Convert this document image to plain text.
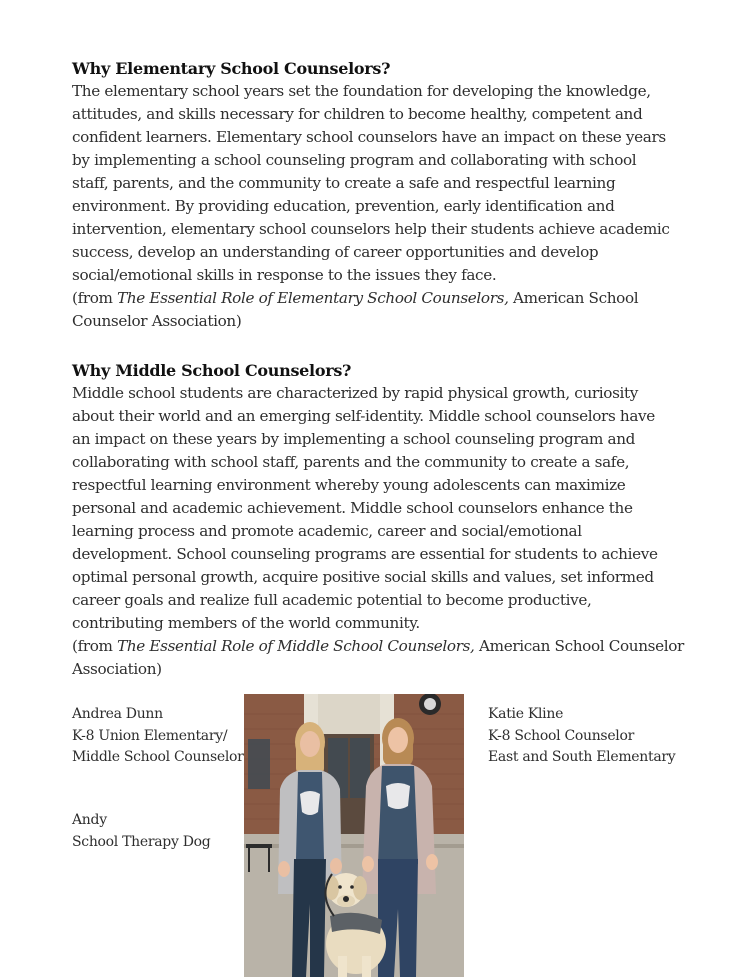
Why Elementary School Counselors?

The elementary school years set the foundation for developing the knowledge,
attitudes, and skills necessary for children to become healthy, competent and
confident learners. Elementary school counselors have an impact on these years
by implementing a school counseling program and collaborating with school
staff, parents, and the community to create a safe and respectful learning
environment. By providing education, prevention, early identification and
intervention, elementary school counselors help their students achieve academic
success, develop an understanding of career opportunities and develop
social/emotional skills in response to the issues they face.
(from The Essential Role of Elementary School Counselors, American School
Counselor Association)

Why Middle School Counselors?

Middle school students are characterized by rapid physical growth, curiosity
about their world and an emerging self-identity. Middle school counselors have
an impact on these years by implementing a school counseling program and
collaborating with school staff, parents and the community to create a safe,
respectful learning environment whereby young adolescents can maximize
personal and academic achievement. Middle school counselors enhance the
learning process and promote academic, career and social/emotional
development. School counseling programs are essential for students to achieve
optimal personal growth, acquire positive social skills and values, set informed
career goals and realize full academic potential to become productive,
contributing members of the world community.
(from The Essential Role of Middle School Counselors, American School Counselor
Association)

Andrea Dunn
K-8 Union Elementary/
Middle School Counselor
Andy
School Therapy Dog
Katie Kline
K-8 School Counselor
East and South Elementary
